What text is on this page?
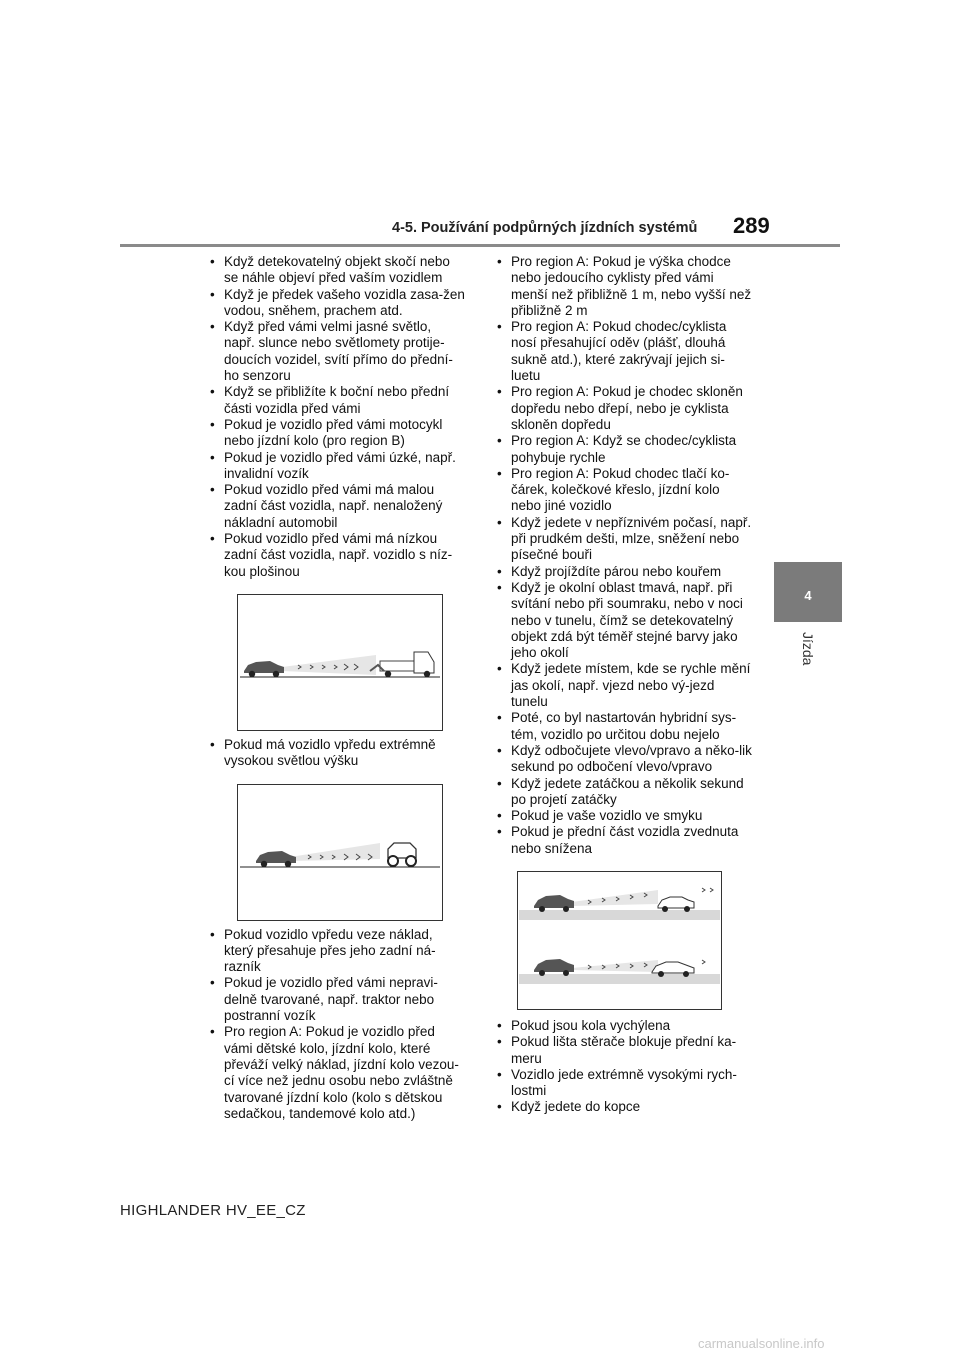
4-5. Používání podpůrných jízdních systémů 289
4
Jízda
• Když detekovatelný objekt skočí nebo se náhle objeví před vaším vozidlem
• Když je předek vašeho vozidla zasa-žen vodou, sněhem, prachem atd.
• Když před vámi velmi jasné světlo, např. slunce nebo světlomety protije-doucích vozidel, svítí přímo do přední-ho senzoru
• Když se přibližíte k boční nebo přední části vozidla před vámi
• Pokud je vozidlo před vámi motocykl nebo jízdní kolo (pro region B)
• Pokud je vozidlo před vámi úzké, např. invalidní vozík
• Pokud vozidlo před vámi má malou zadní část vozidla, např. nenaložený nákladní automobil
• Pokud vozidlo před vámi má nízkou zadní část vozidla, např. vozidlo s níz-kou plošinou
• Pokud má vozidlo vpředu extrémně vysokou světlou výšku
• Pokud vozidlo vpředu veze náklad, který přesahuje přes jeho zadní ná-razník
• Pokud je vozidlo před vámi nepravi-delně tvarované, např. traktor nebo postranní vozík
• Pro region A: Pokud je vozidlo před vámi dětské kolo, jízdní kolo, které převáží velký náklad, jízdní kolo vezou-cí více než jednu osobu nebo zvláštně tvarované jízdní kolo (kolo s dětskou sedačkou, tandemové kolo atd.)
• Pro region A: Pokud je výška chodce nebo jedoucího cyklisty před vámi menší než přibližně 1 m, nebo vyšší než přibližně 2 m
• Pro region A: Pokud chodec/cyklista nosí přesahující oděv (plášť, dlouhá sukně atd.), které zakrývají jejich si-luetu
• Pro region A: Pokud je chodec skloněn dopředu nebo dřepí, nebo je cyklista skloněn dopředu
• Pro region A: Když se chodec/cyklista pohybuje rychle
• Pro region A: Pokud chodec tlačí ko-čárek, kolečkové křeslo, jízdní kolo nebo jiné vozidlo
• Když jedete v nepříznivém počasí, např. při prudkém dešti, mlze, sněžení nebo písečné bouři
• Když projíždíte párou nebo kouřem
• Když je okolní oblast tmavá, např. při svítání nebo při soumraku, nebo v noci nebo v tunelu, čímž se detekovatelný objekt zdá být téměř stejné barvy jako jeho okolí
• Když jedete místem, kde se rychle mění jas okolí, např. vjezd nebo vý-jezd tunelu
• Poté, co byl nastartován hybridní sys-tém, vozidlo po určitou dobu nejelo
• Když odbočujete vlevo/vpravo a něko-lik sekund po odbočení vlevo/vpravo
• Když jedete zatáčkou a několik sekund po projetí zatáčky
• Pokud je vaše vozidlo ve smyku
• Pokud je přední část vozidla zvednuta nebo snížena
• Pokud jsou kola vychýlena
• Pokud lišta stěrače blokuje přední ka-meru
• Vozidlo jede extrémně vysokými rych-lostmi
• Když jedete do kopce
HIGHLANDER HV_EE_CZ
carmanualsonline.info
